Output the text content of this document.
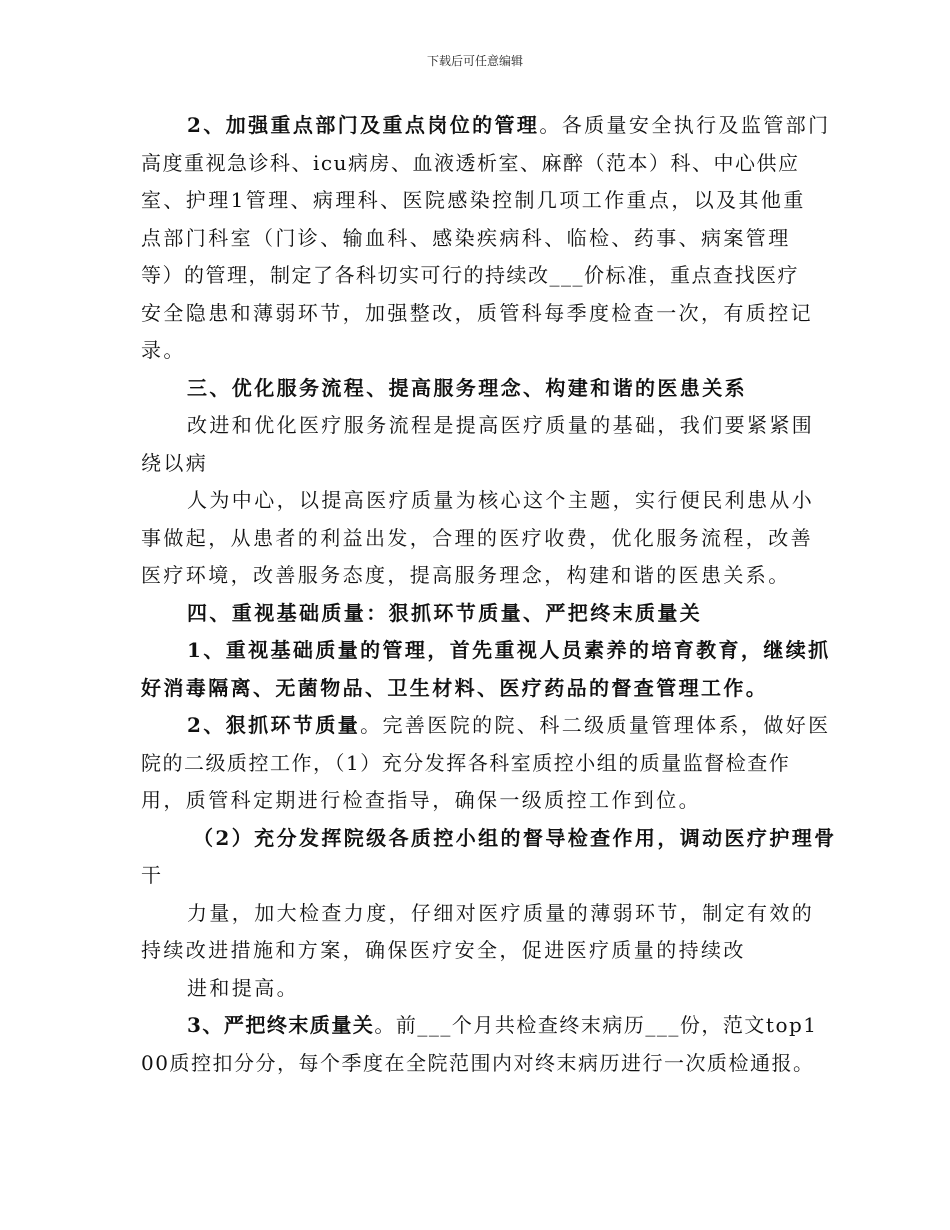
下载后可任意编辑
2、加强重点部门及重点岗位的管理。各质量安全执行及监管部门
高度重视急诊科、icu病房、血液透析室、麻醉（范本）科、中心供应
室、护理1管理、病理科、医院感染控制几项工作重点，以及其他重
点部门科室（门诊、输血科、感染疾病科、临检、药事、病案管理
等）的管理，制定了各科切实可行的持续改___价标准，重点查找医疗
安全隐患和薄弱环节，加强整改，质管科每季度检查一次，有质控记
录。
三、优化服务流程、提高服务理念、构建和谐的医患关系
改进和优化医疗服务流程是提高医疗质量的基础，我们要紧紧围
绕以病
人为中心，以提高医疗质量为核心这个主题，实行便民利患从小
事做起，从患者的利益出发，合理的医疗收费，优化服务流程，改善
医疗环境，改善服务态度，提高服务理念，构建和谐的医患关系。
四、重视基础质量：狠抓环节质量、严把终末质量关
1、重视基础质量的管理，首先重视人员素养的培育教育，继续抓
好消毒隔离、无菌物品、卫生材料、医疗药品的督查管理工作。
2、狠抓环节质量。完善医院的院、科二级质量管理体系，做好医
院的二级质控工作，（1）充分发挥各科室质控小组的质量监督检查作
用，质管科定期进行检查指导，确保一级质控工作到位。
（2）充分发挥院级各质控小组的督导检查作用，调动医疗护理骨
干
力量，加大检查力度，仔细对医疗质量的薄弱环节，制定有效的
持续改进措施和方案，确保医疗安全，促进医疗质量的持续改
进和提高。
3、严把终末质量关。前___个月共检查终末病历___份，范文top1
00质控扣分分，每个季度在全院范围内对终末病历进行一次质检通报。
